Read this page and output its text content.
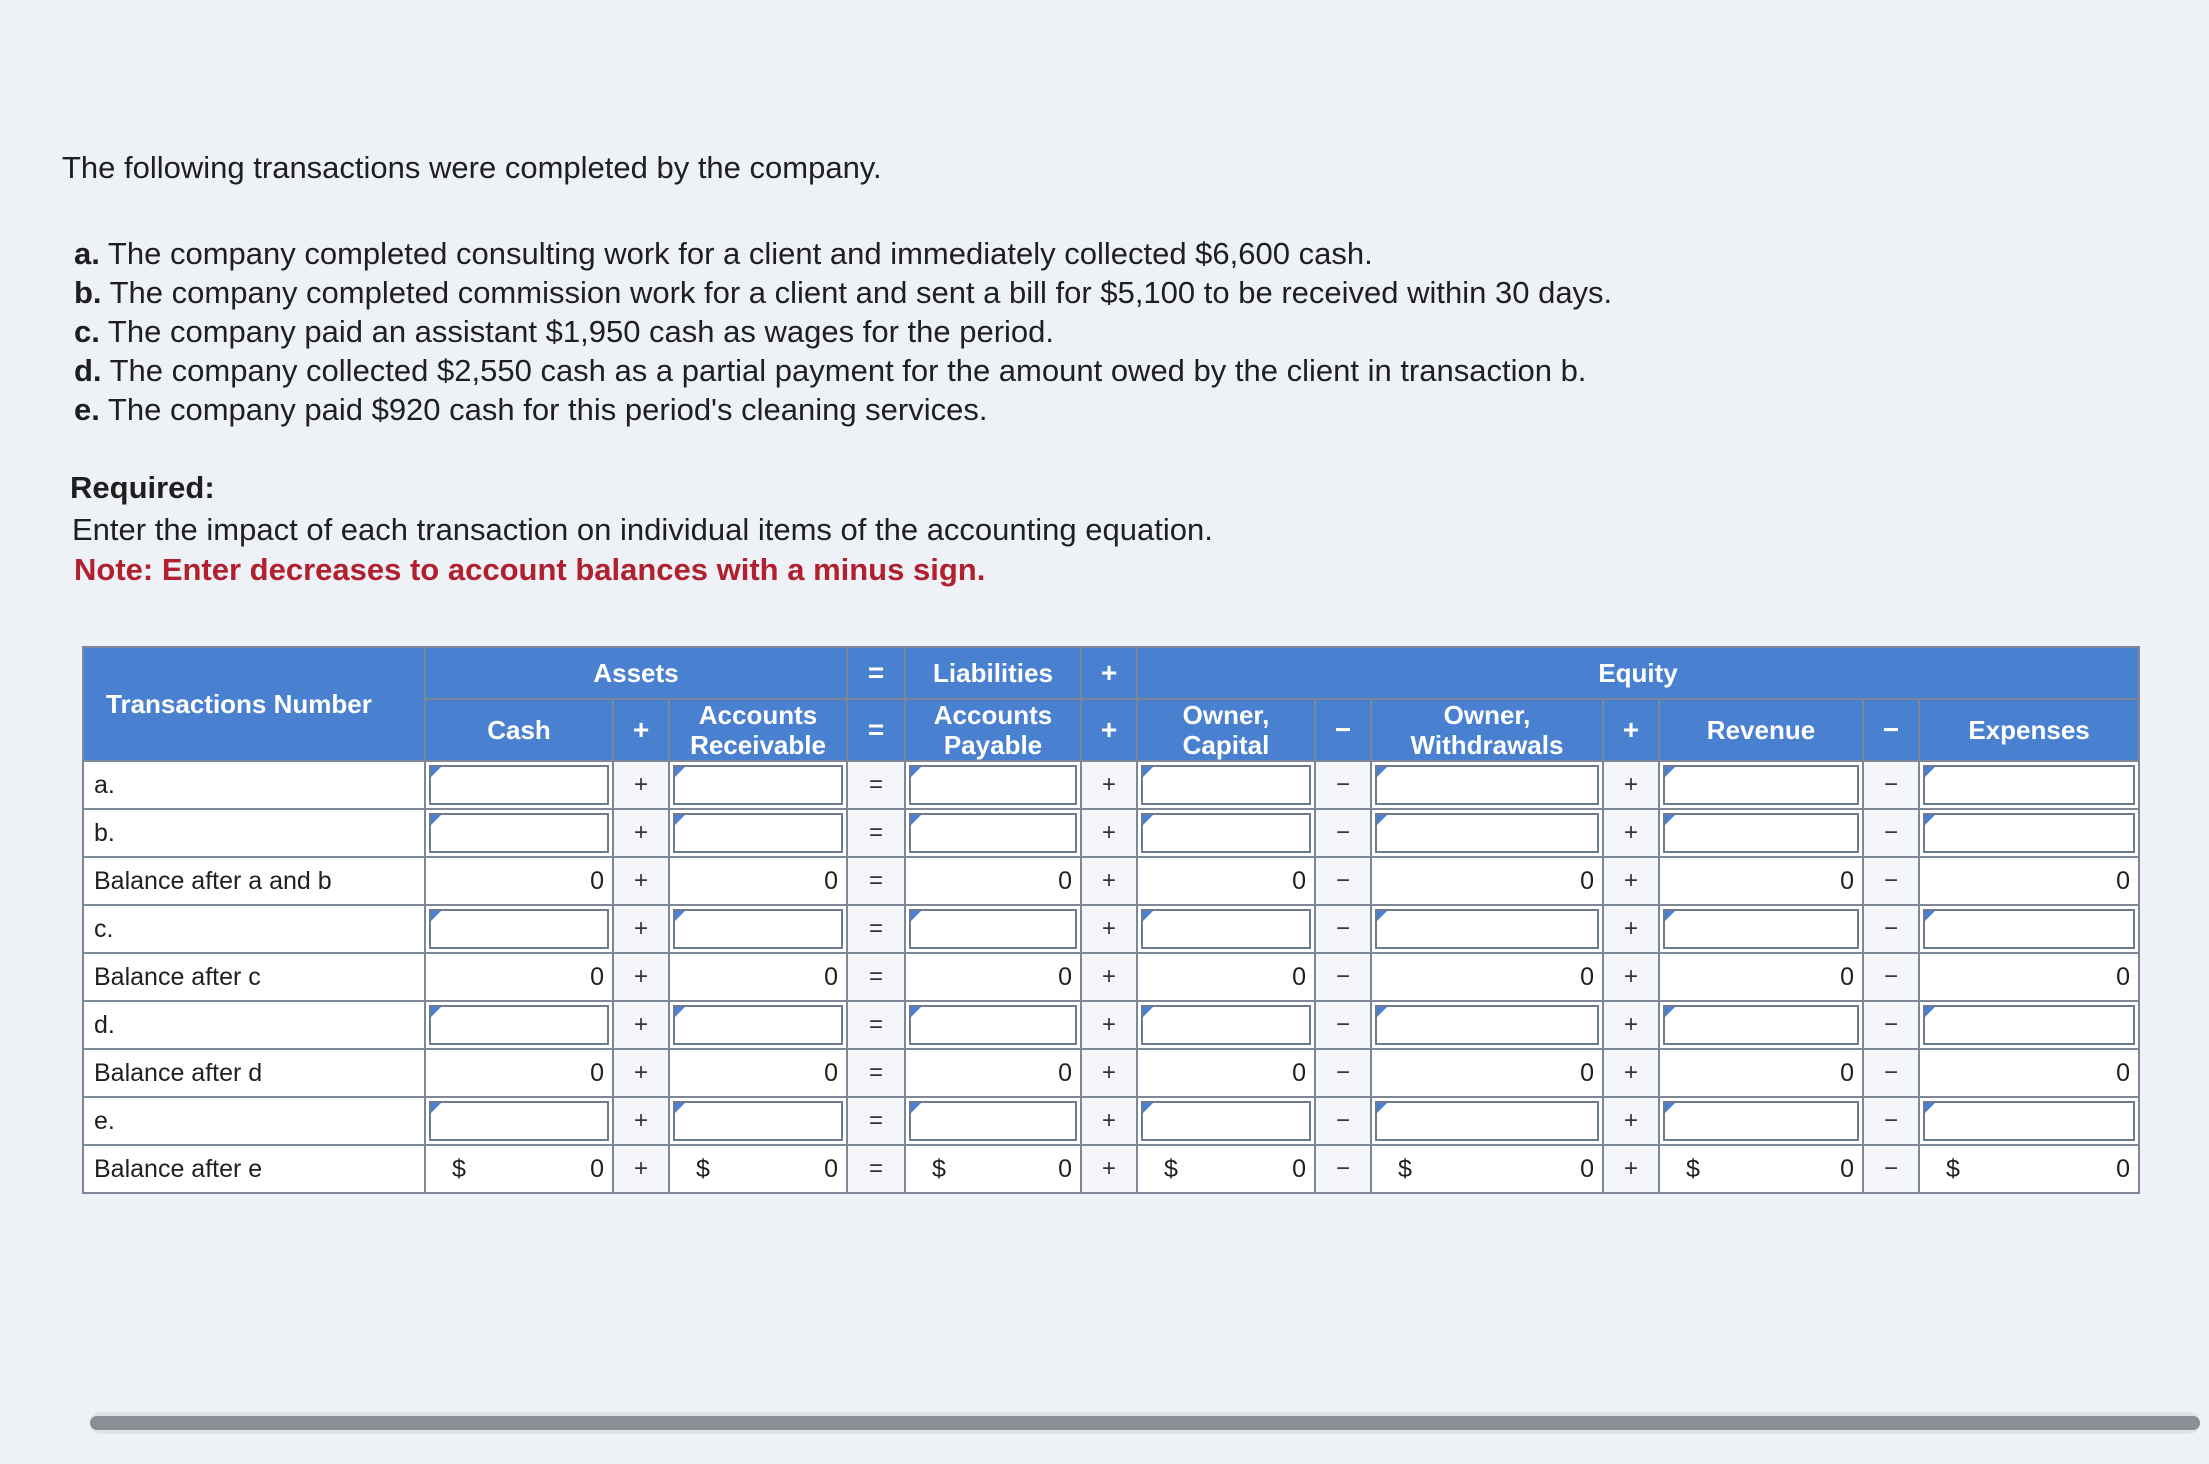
The following transactions were completed by the company.
a. The company completed consulting work for a client and immediately collected $6,600 cash.
b. The company completed commission work for a client and sent a bill for $5,100 to be received within 30 days.
c. The company paid an assistant $1,950 cash as wages for the period.
d. The company collected $2,550 cash as a partial payment for the amount owed by the client in transaction b.
e. The company paid $920 cash for this period's cleaning services.
Required:
Enter the impact of each transaction on individual items of the accounting equation.
Note: Enter decreases to account balances with a minus sign.
Transactions Number	Assets			=	Liabilities	+	Equity						
	Cash	+	Accounts Receivable	=	Accounts Payable	+	Owner, Capital	−	Owner, Withdrawals	+	Revenue	−	Expenses
a.		+		=		+		−		+		−	

b.		+		=		+		−		+		−	

Balance after a and b	0	+	0	=	0	+	0	−	0	+	0	−	0

c.		+		=		+		−		+		−	

Balance after c	0	+	0	=	0	+	0	−	0	+	0	−	0

d.		+		=		+		−		+		−	

Balance after d	0	+	0	=	0	+	0	−	0	+	0	−	0

e.		+		=		+		−		+		−	

Balance after e	$ 0	+	$ 0	=	$ 0	+	$ 0	−	$ 0	+	$ 0	−	$ 0
